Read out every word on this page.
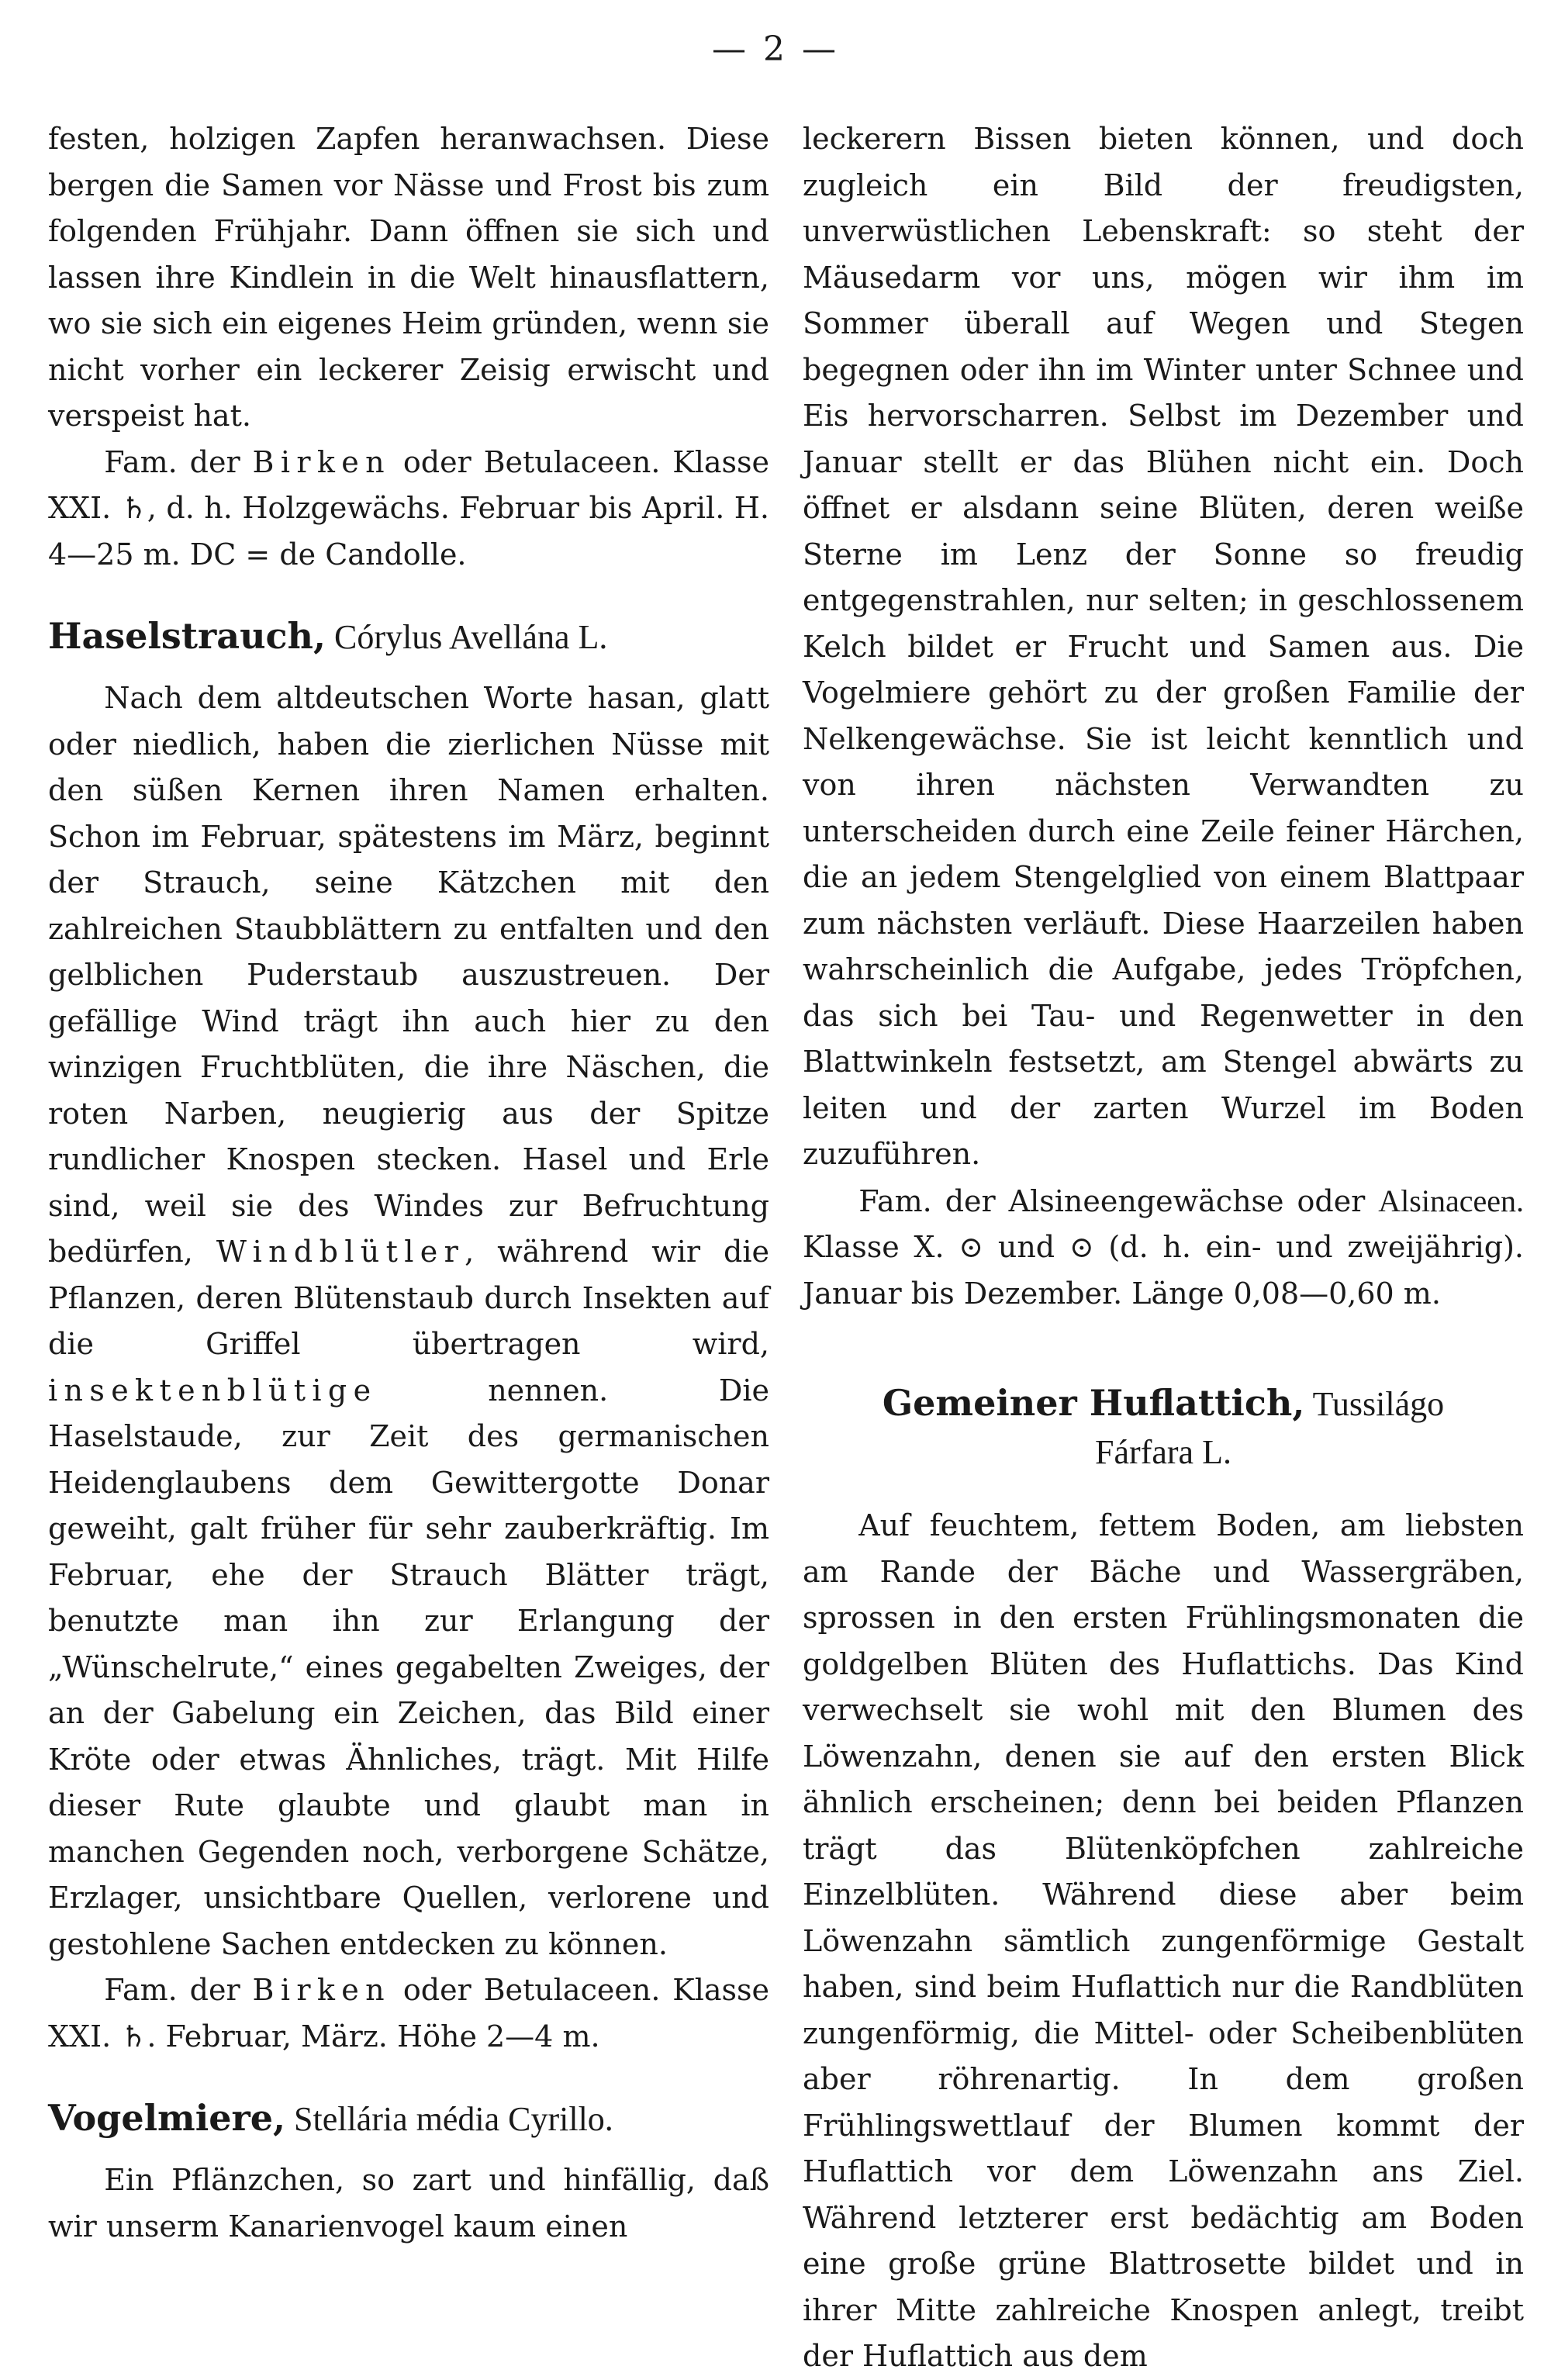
— 2 —

festen, holzigen Zapfen heranwachsen. Diese bergen die Samen vor Nässe und Frost bis zum folgenden Frühjahr. Dann öffnen sie sich und lassen ihre Kindlein in die Welt hinausflattern, wo sie sich ein eigenes Heim gründen, wenn sie nicht vorher ein leckerer Zeisig erwischt und verspeist hat.

Fam. der Birken oder Betulaceen. Klasse XXI. ♄, d. h. Holzgewächs. Februar bis April. H. 4—25 m. DC = de Candolle.

Haselstrauch, Córylus Avellána L.

Nach dem altdeutschen Worte hasan, glatt oder niedlich, haben die zierlichen Nüsse mit den süßen Kernen ihren Namen erhalten. Schon im Februar, spätestens im März, beginnt der Strauch, seine Kätzchen mit den zahlreichen Staubblättern zu entfalten und den gelblichen Puderstaub auszustreuen. Der gefällige Wind trägt ihn auch hier zu den winzigen Fruchtblüten, die ihre Näschen, die roten Narben, neugierig aus der Spitze rundlicher Knospen stecken. Hasel und Erle sind, weil sie des Windes zur Befruchtung bedürfen, Windblütler, während wir die Pflanzen, deren Blütenstaub durch Insekten auf die Griffel übertragen wird, insektenblütige nennen. Die Haselstaude, zur Zeit des germanischen Heidenglaubens dem Gewittergotte Donar geweiht, galt früher für sehr zauberkräftig. Im Februar, ehe der Strauch Blätter trägt, benutzte man ihn zur Erlangung der „Wünschelrute,“ eines gegabelten Zweiges, der an der Gabelung ein Zeichen, das Bild einer Kröte oder etwas Ähnliches, trägt. Mit Hilfe dieser Rute glaubte und glaubt man in manchen Gegenden noch, verborgene Schätze, Erzlager, unsichtbare Quellen, verlorene und gestohlene Sachen entdecken zu können.

Fam. der Birken oder Betulaceen. Klasse XXI. ♄. Februar, März. Höhe 2—4 m.

Vogelmiere, Stellária média Cyrillo.

Ein Pflänzchen, so zart und hinfällig, daß wir unserm Kanarienvogel kaum einen

leckerern Bissen bieten können, und doch zugleich ein Bild der freudigsten, unverwüstlichen Lebenskraft: so steht der Mäusedarm vor uns, mögen wir ihm im Sommer überall auf Wegen und Stegen begegnen oder ihn im Winter unter Schnee und Eis hervorscharren. Selbst im Dezember und Januar stellt er das Blühen nicht ein. Doch öffnet er alsdann seine Blüten, deren weiße Sterne im Lenz der Sonne so freudig entgegenstrahlen, nur selten; in geschlossenem Kelch bildet er Frucht und Samen aus. Die Vogelmiere gehört zu der großen Familie der Nelkengewächse. Sie ist leicht kenntlich und von ihren nächsten Verwandten zu unterscheiden durch eine Zeile feiner Härchen, die an jedem Stengelglied von einem Blattpaar zum nächsten verläuft. Diese Haarzeilen haben wahrscheinlich die Aufgabe, jedes Tröpfchen, das sich bei Tau- und Regenwetter in den Blattwinkeln festsetzt, am Stengel abwärts zu leiten und der zarten Wurzel im Boden zuzuführen.

Fam. der Alsineengewächse oder Alsinaceen. Klasse X. ⊙ und ⊙ (d. h. ein- und zweijährig). Januar bis Dezember. Länge 0,08—0,60 m.

Gemeiner Huflattich, Tussilágo
Fárfara L.

Auf feuchtem, fettem Boden, am liebsten am Rande der Bäche und Wassergräben, sprossen in den ersten Frühlingsmonaten die goldgelben Blüten des Huflattichs. Das Kind verwechselt sie wohl mit den Blumen des Löwenzahn, denen sie auf den ersten Blick ähnlich erscheinen; denn bei beiden Pflanzen trägt das Blütenköpfchen zahlreiche Einzelblüten. Während diese aber beim Löwenzahn sämtlich zungenförmige Gestalt haben, sind beim Huflattich nur die Randblüten zungenförmig, die Mittel- oder Scheibenblüten aber röhrenartig. In dem großen Frühlingswettlauf der Blumen kommt der Huflattich vor dem Löwenzahn ans Ziel. Während letzterer erst bedächtig am Boden eine große grüne Blattrosette bildet und in ihrer Mitte zahlreiche Knospen anlegt, treibt der Huflattich aus dem
